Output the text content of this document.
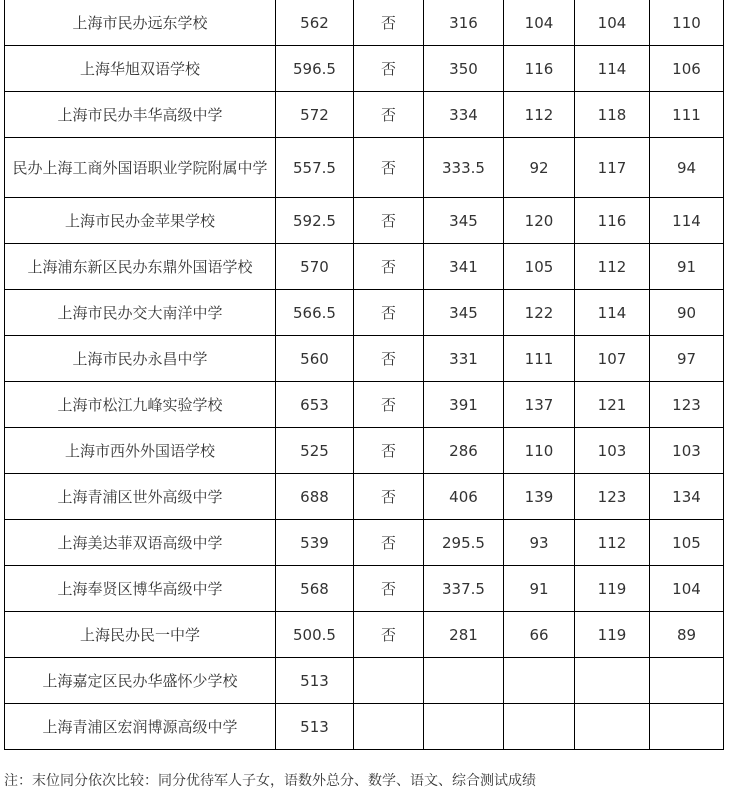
上海市民办远东学校	562	否	316	104	104	110
上海华旭双语学校	596.5	否	350	116	114	106
上海市民办丰华高级中学	572	否	334	112	118	111
民办上海工商外国语职业学院附属中学	557.5	否	333.5	92	117	94
上海市民办金苹果学校	592.5	否	345	120	116	114
上海浦东新区民办东鼎外国语学校	570	否	341	105	112	91
上海市民办交大南洋中学	566.5	否	345	122	114	90
上海市民办永昌中学	560	否	331	111	107	97
上海市松江九峰实验学校	653	否	391	137	121	123
上海市西外外国语学校	525	否	286	110	103	103
上海青浦区世外高级中学	688	否	406	139	123	134
上海美达菲双语高级中学	539	否	295.5	93	112	105
上海奉贤区博华高级中学	568	否	337.5	91	119	104
上海民办民一中学	500.5	否	281	66	119	89
上海嘉定区民办华盛怀少学校	513					
上海青浦区宏润博源高级中学	513					
注：末位同分依次比较：同分优待军人子女，语数外总分、数学、语文、综合测试成绩
